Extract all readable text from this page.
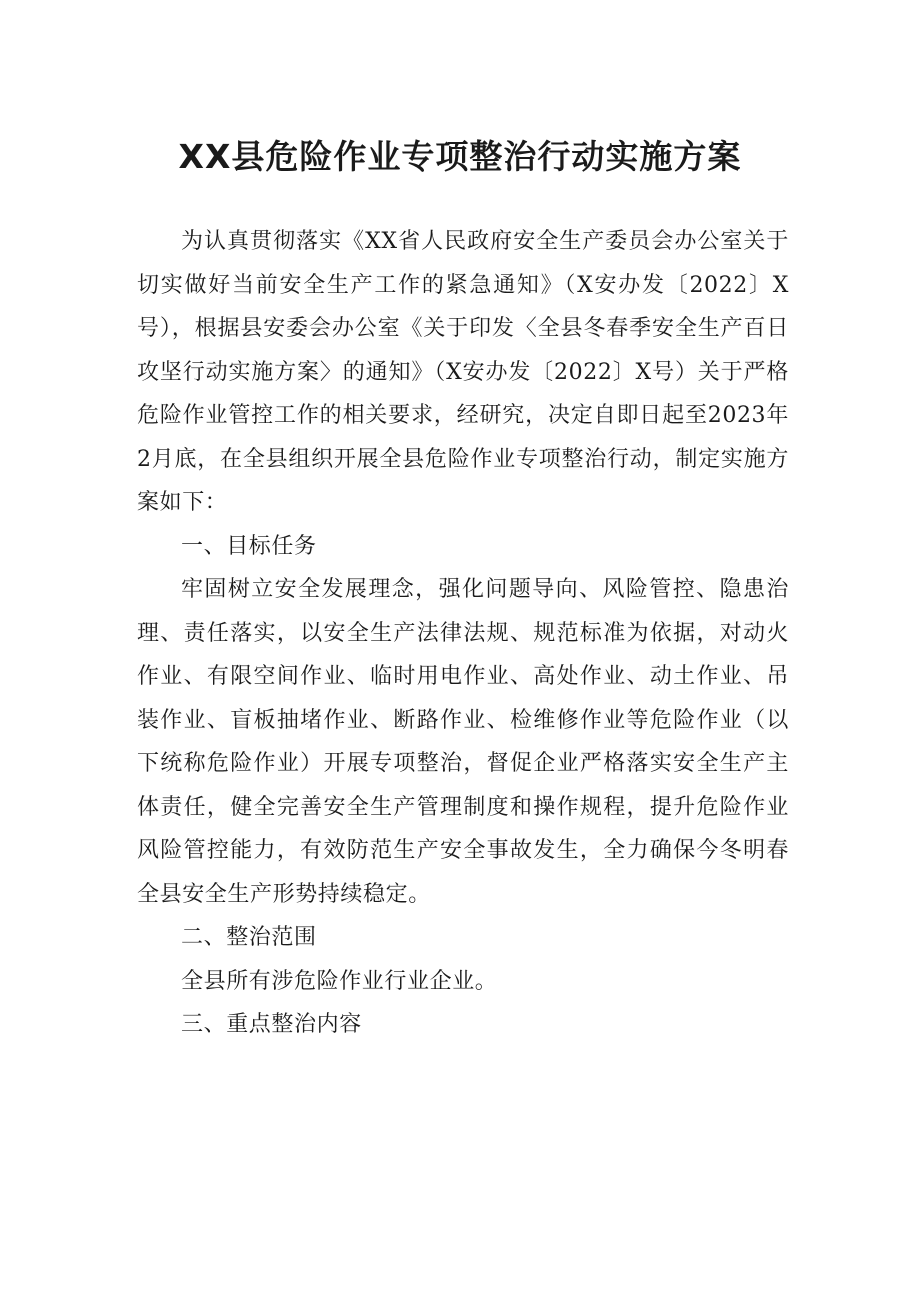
XX县危险作业专项整治行动实施方案

为认真贯彻落实《XX省人民政府安全生产委员会办公室关于切实做好当前安全生产工作的紧急通知》（X安办发〔2022〕X号），根据县安委会办公室《关于印发〈全县冬春季安全生产百日攻坚行动实施方案〉的通知》（X安办发〔2022〕X号）关于严格危险作业管控工作的相关要求，经研究，决定自即日起至2023年2月底，在全县组织开展全县危险作业专项整治行动，制定实施方案如下：

一、目标任务

牢固树立安全发展理念，强化问题导向、风险管控、隐患治理、责任落实，以安全生产法律法规、规范标准为依据，对动火作业、有限空间作业、临时用电作业、高处作业、动土作业、吊装作业、盲板抽堵作业、断路作业、检维修作业等危险作业（以下统称危险作业）开展专项整治，督促企业严格落实安全生产主体责任，健全完善安全生产管理制度和操作规程，提升危险作业风险管控能力，有效防范生产安全事故发生，全力确保今冬明春全县安全生产形势持续稳定。

二、整治范围

全县所有涉危险作业行业企业。

三、重点整治内容
